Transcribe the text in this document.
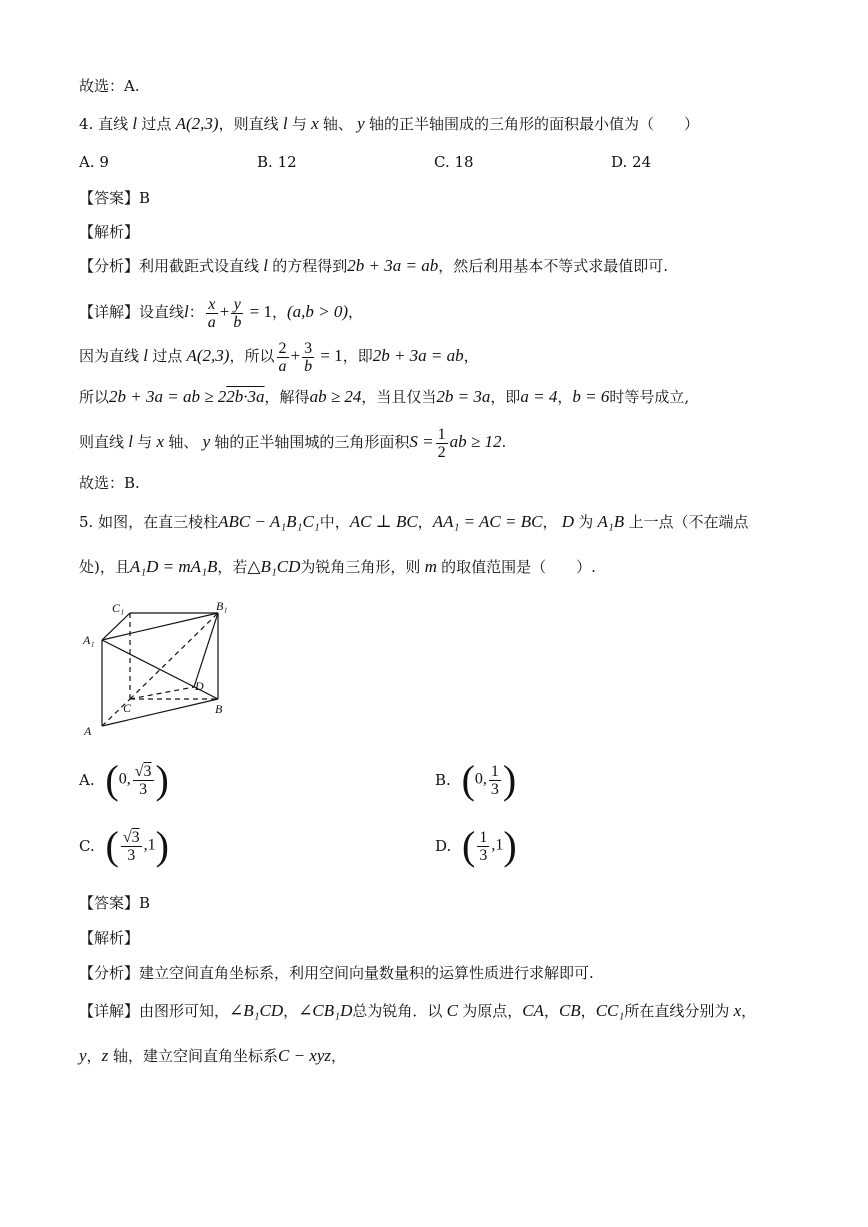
故选：A.
4. 直线 l 过点 A(2,3)，则直线 l 与 x 轴、 y 轴的正半轴围成的三角形的面积最小值为（　　）
A. 9	B. 12	C. 18	D. 24
【答案】B
【解析】
【分析】利用截距式设直线 l 的方程得到2b + 3a = ab，然后利用基本不等式求最值即可.
【详解】设直线l： $\frac{x}{a} + \frac{y}{b} = 1$，(a,b > 0)，
因为直线 l 过点 A(2,3)，所以 $\frac{2}{a} + \frac{3}{b} = 1$，即2b + 3a = ab，
所以2b + 3a = ab ≥ 22b·3a，解得ab ≥ 24，当且仅当2b = 3a，即a = 4，b = 6时等号成立,
则直线 l 与 x 轴、 y 轴的正半轴围城的三角形面积$S = \frac{1}{2}$ ab ≥ 12.
故选：B.
5. 如图，在直三棱柱ABC − A₁B₁C₁中，AC ⊥ BC，AA₁ = AC = BC， D 为 A₁B 上一点（不在端点
处)，且A₁D = mA₁B，若△B₁CD为锐角三角形，则 m 的取值范围是（　　）.
C₁	B₁
A₁
D
C	B
A
A. (0, $\frac{√3}{3}$ )	B. (0, $\frac{1}{3}$ )
C. ( $\frac{√3}{3} ,1$)	D. ( $\frac{1}{3} ,1$)
【答案】B
【解析】
【分析】建立空间直角坐标系，利用空间向量数量积的运算性质进行求解即可.
【详解】由图形可知，∠B₁CD，∠CB₁D总为锐角．以 C 为原点，CA，CB，CC₁所在直线分别为 x，
y，z 轴，建立空间直角坐标系C − xyz，
